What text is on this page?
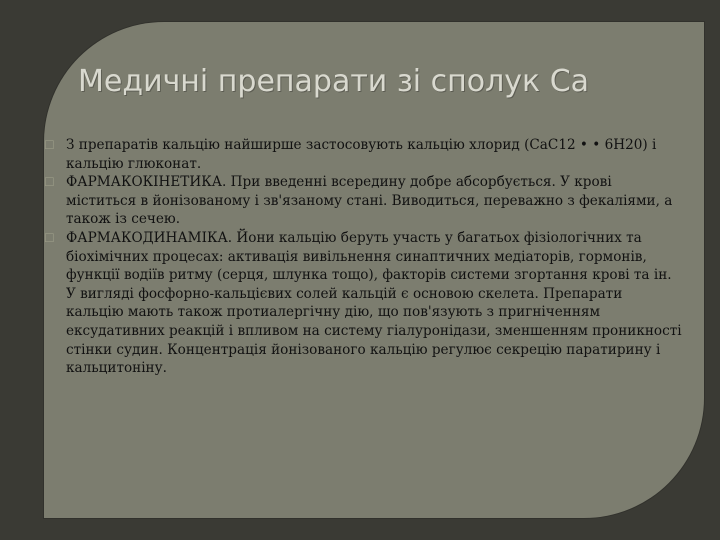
Медичні препарати зі сполук Са
☐ З препаратів кальцію найширше застосовують кальцію хлорид (СаС12 • • 6Н20) і кальцію глюконат.
☐ ФАРМАКОКІНЕТИКА. При введенні всередину добре абсорбується. У крові міститься в йонізованому і зв'язаному стані. Виводиться, переважно з фекаліями, а також із сечею.
☐ ФАРМАКОДИНАМІКА. Йони кальцію беруть участь у багатьох фізіологічних та біохімічних процесах: активація вивільнення синаптичних медіаторів, гормонів, функції водіїв ритму (серця, шлунка тощо), факторів системи згортання крові та ін. У вигляді фосфорно-кальцієвих солей кальцій є основою скелета. Препарати кальцію мають також протиалергічну дію, що пов'язують з пригніченням ексудативних реакцій і впливом на систему гіалуронідази, зменшенням проникності стінки судин. Концентрація йонізованого кальцію регулює секрецію паратирину і кальцитоніну.
